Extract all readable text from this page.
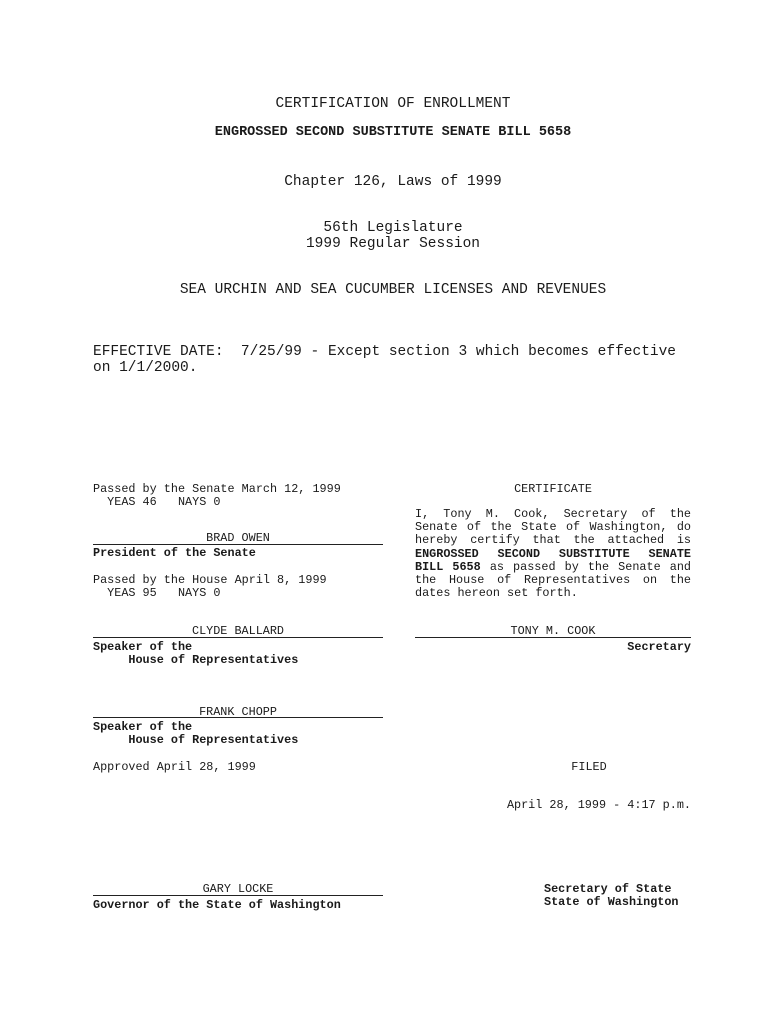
CERTIFICATION OF ENROLLMENT
ENGROSSED SECOND SUBSTITUTE SENATE BILL 5658
Chapter 126, Laws of 1999
56th Legislature
1999 Regular Session
SEA URCHIN AND SEA CUCUMBER LICENSES AND REVENUES
EFFECTIVE DATE:  7/25/99 - Except section 3 which becomes effective
on 1/1/2000.
Passed by the Senate March 12, 1999
YEAS 46   NAYS 0
BRAD OWEN
President of the Senate
Passed by the House April 8, 1999
YEAS 95   NAYS 0
CLYDE BALLARD
Speaker of the
House of Representatives
FRANK CHOPP
Speaker of the
House of Representatives
Approved April 28, 1999
GARY LOCKE
Governor of the State of Washington
CERTIFICATE
I, Tony M. Cook, Secretary of the Senate of the State of Washington, do hereby certify that the attached is ENGROSSED SECOND SUBSTITUTE SENATE BILL 5658 as passed by the Senate and the House of Representatives on the dates hereon set forth.
TONY M. COOK
Secretary
FILED
April 28, 1999 - 4:17 p.m.
Secretary of State
State of Washington
